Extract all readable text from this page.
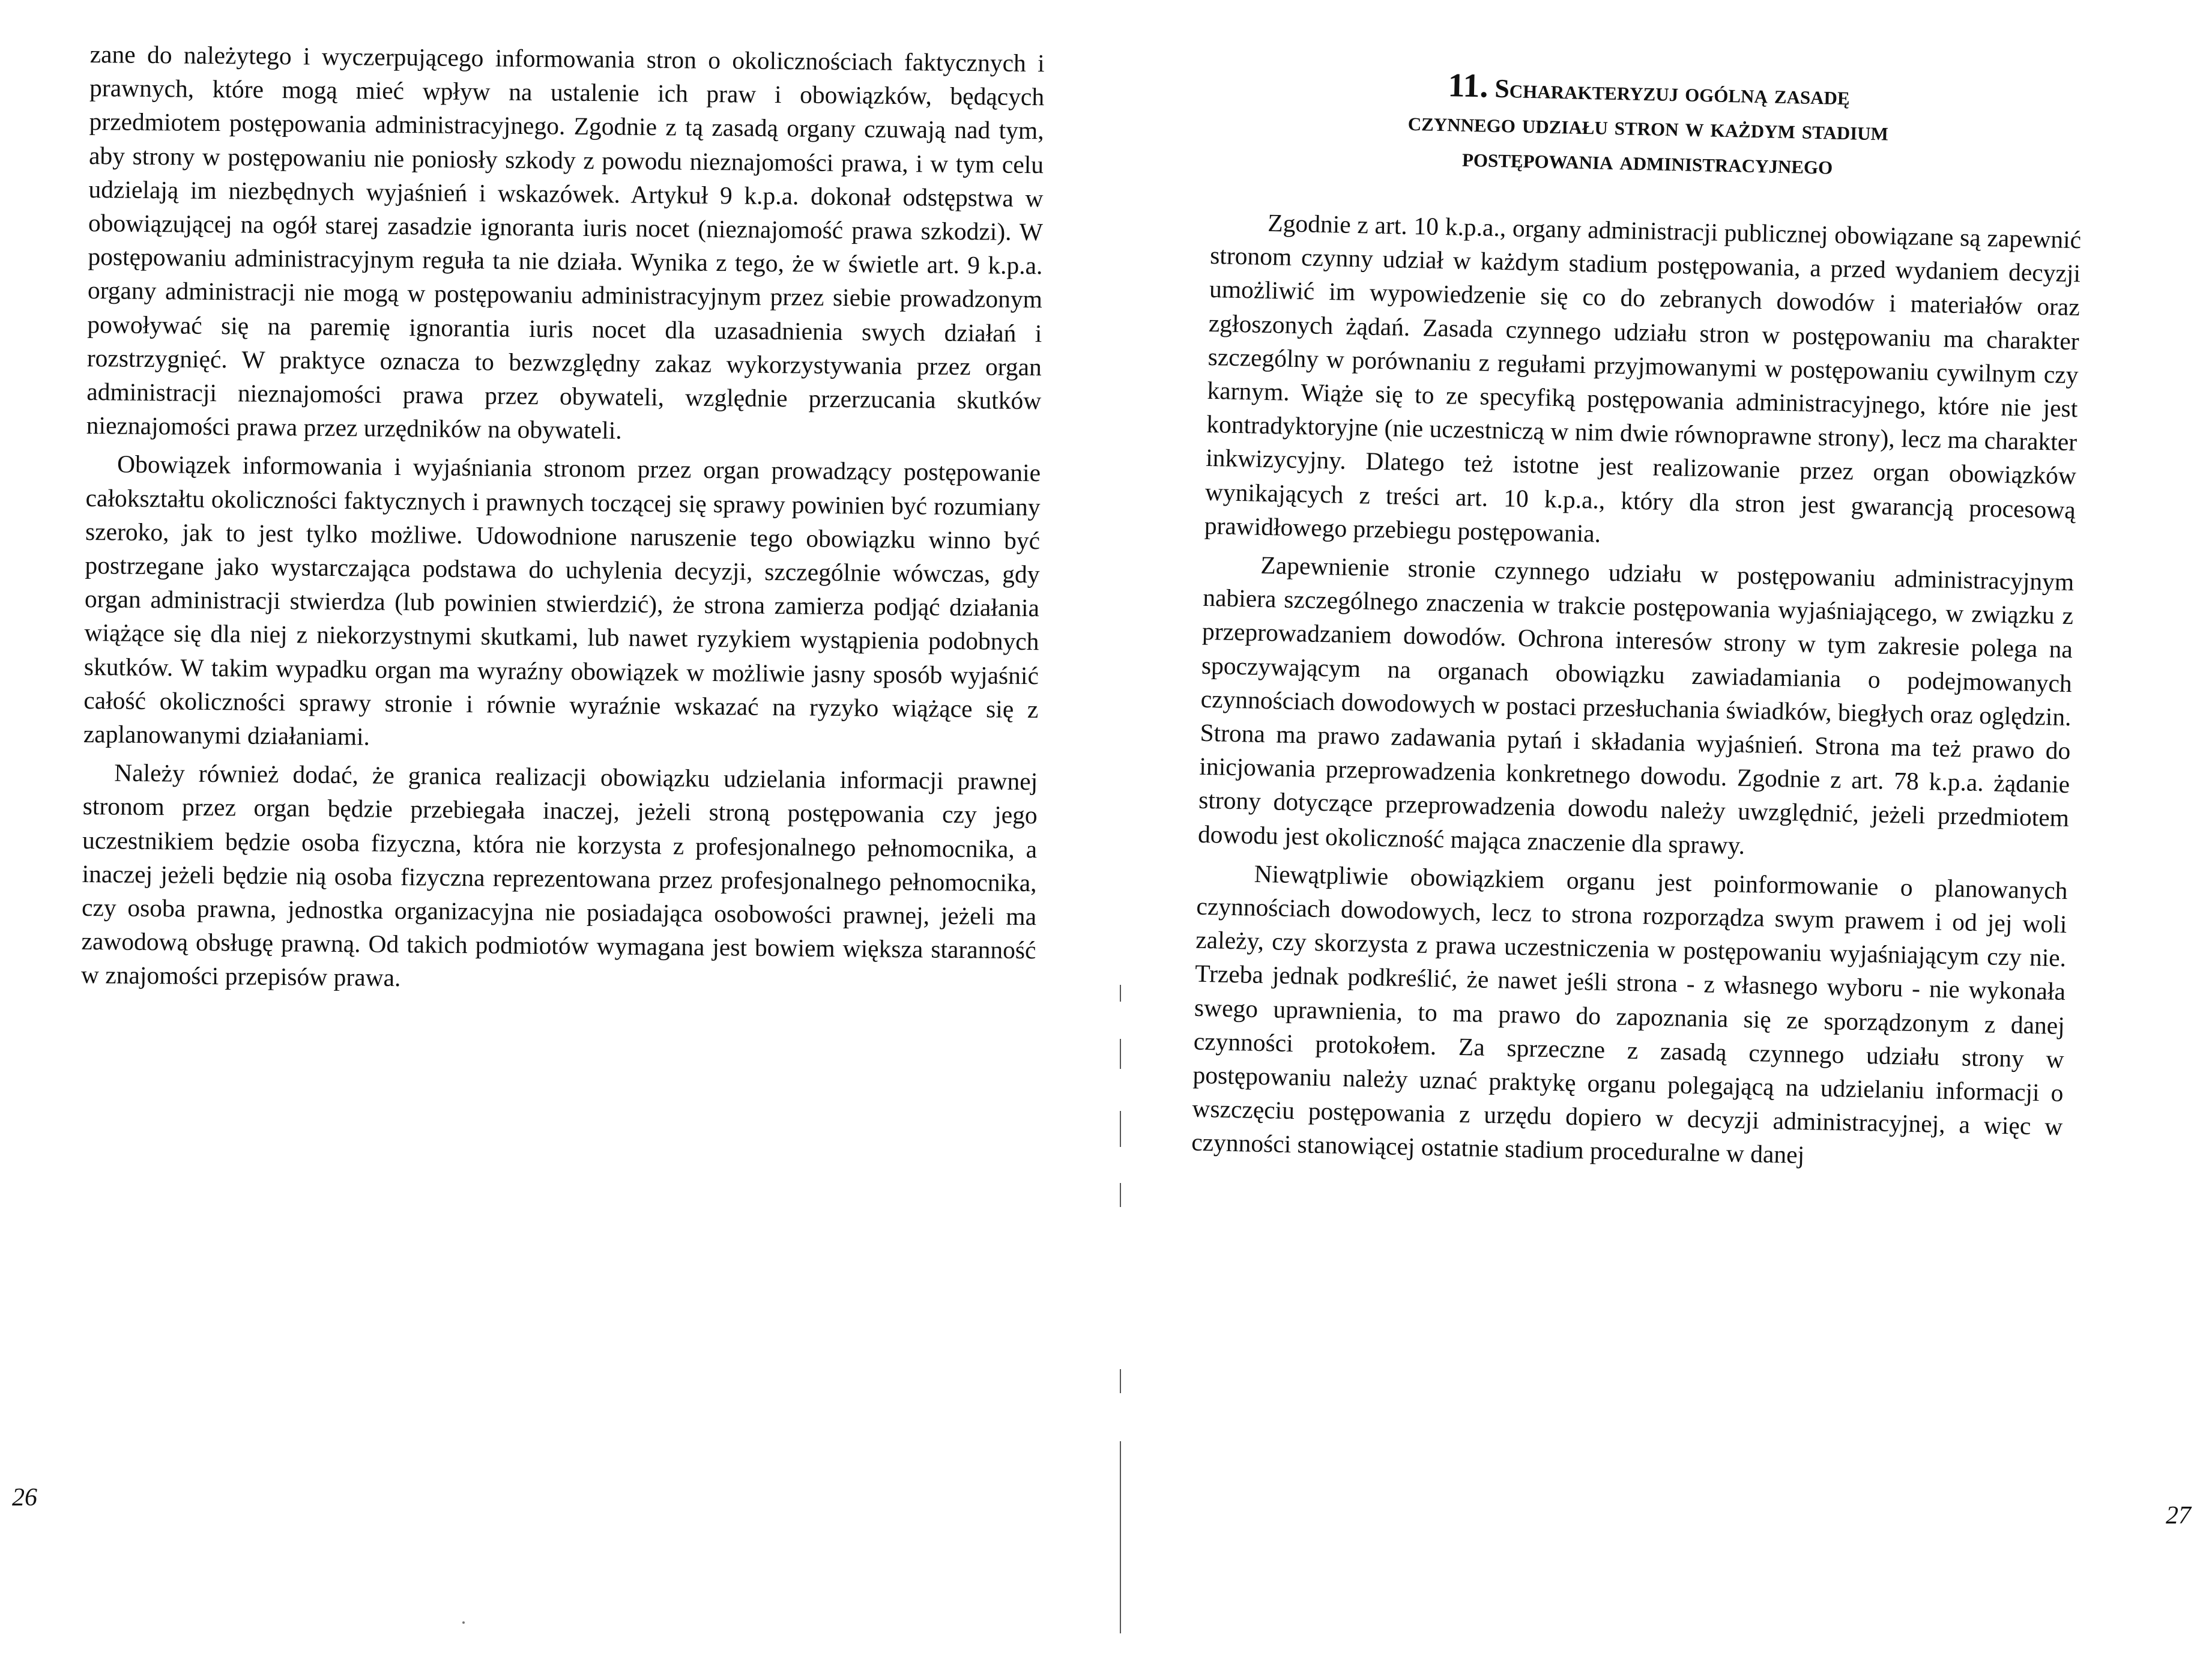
zane do należytego i wyczerpującego informowania stron o okolicznościach faktycznych i prawnych, które mogą mieć wpływ na ustalenie ich praw i obowiązków, będących przedmiotem postępowania administracyjnego. Zgodnie z tą zasadą organy czuwają nad tym, aby strony w postępowaniu nie poniosły szkody z powodu nieznajomości prawa, i w tym celu udzielają im niezbędnych wyjaśnień i wskazówek. Artykuł 9 k.p.a. dokonał odstępstwa w obowiązującej na ogół starej zasadzie ignoranta iuris nocet (nieznajomość prawa szkodzi). W postępowaniu administracyjnym reguła ta nie działa. Wynika z tego, że w świetle art. 9 k.p.a. organy administracji nie mogą w postępowaniu administracyjnym przez siebie prowadzonym powoływać się na paremię ignorantia iuris nocet dla uzasadnienia swych działań i rozstrzygnięć. W praktyce oznacza to bezwzględny zakaz wykorzystywania przez organ administracji nieznajomości prawa przez obywateli, względnie przerzucania skutków nieznajomości prawa przez urzędników na obywateli.

Obowiązek informowania i wyjaśniania stronom przez organ prowadzący postępowanie całokształtu okoliczności faktycznych i prawnych toczącej się sprawy powinien być rozumiany szeroko, jak to jest tylko możliwe. Udowodnione naruszenie tego obowiązku winno być postrzegane jako wystarczająca podstawa do uchylenia decyzji, szczególnie wówczas, gdy organ administracji stwierdza (lub powinien stwierdzić), że strona zamierza podjąć działania wiążące się dla niej z niekorzystnymi skutkami, lub nawet ryzykiem wystąpienia podobnych skutków. W takim wypadku organ ma wyraźny obowiązek w możliwie jasny sposób wyjaśnić całość okoliczności sprawy stronie i równie wyraźnie wskazać na ryzyko wiążące się z zaplanowanymi działaniami.

Należy również dodać, że granica realizacji obowiązku udzielania informacji prawnej stronom przez organ będzie przebiegała inaczej, jeżeli stroną postępowania czy jego uczestnikiem będzie osoba fizyczna, która nie korzysta z profesjonalnego pełnomocnika, a inaczej jeżeli będzie nią osoba fizyczna reprezentowana przez profesjonalnego pełnomocnika, czy osoba prawna, jednostka organizacyjna nie posiadająca osobowości prawnej, jeżeli ma zawodową obsługę prawną. Od takich podmiotów wymagana jest bowiem większa staranność w znajomości przepisów prawa.

26
11. Scharakteryzuj ogólną zasadę
czynnego udziału stron w każdym stadium
postępowania administracyjnego

Zgodnie z art. 10 k.p.a., organy administracji publicznej obowiązane są zapewnić stronom czynny udział w każdym stadium postępowania, a przed wydaniem decyzji umożliwić im wypowiedzenie się co do zebranych dowodów i materiałów oraz zgłoszonych żądań. Zasada czynnego udziału stron w postępowaniu ma charakter szczególny w porównaniu z regułami przyjmowanymi w postępowaniu cywilnym czy karnym. Wiąże się to ze specyfiką postępowania administracyjnego, które nie jest kontradyktoryjne (nie uczestniczą w nim dwie równoprawne strony), lecz ma charakter inkwizycyjny. Dlatego też istotne jest realizowanie przez organ obowiązków wynikających z treści art. 10 k.p.a., który dla stron jest gwarancją procesową prawidłowego przebiegu postępowania.

Zapewnienie stronie czynnego udziału w postępowaniu administracyjnym nabiera szczególnego znaczenia w trakcie postępowania wyjaśniającego, w związku z przeprowadzaniem dowodów. Ochrona interesów strony w tym zakresie polega na spoczywającym na organach obowiązku zawiadamiania o podejmowanych czynnościach dowodowych w postaci przesłuchania świadków, biegłych oraz oględzin. Strona ma prawo zadawania pytań i składania wyjaśnień. Strona ma też prawo do inicjowania przeprowadzenia konkretnego dowodu. Zgodnie z art. 78 k.p.a. żądanie strony dotyczące przeprowadzenia dowodu należy uwzględnić, jeżeli przedmiotem dowodu jest okoliczność mająca znaczenie dla sprawy.

Niewątpliwie obowiązkiem organu jest poinformowanie o planowanych czynnościach dowodowych, lecz to strona rozporządza swym prawem i od jej woli zależy, czy skorzysta z prawa uczestniczenia w postępowaniu wyjaśniającym czy nie. Trzeba jednak podkreślić, że nawet jeśli strona - z własnego wyboru - nie wykonała swego uprawnienia, to ma prawo do zapoznania się ze sporządzonym z danej czynności protokołem. Za sprzeczne z zasadą czynnego udziału strony w postępowaniu należy uznać praktykę organu polegającą na udzielaniu informacji o wszczęciu postępowania z urzędu dopiero w decyzji administracyjnej, a więc w czynności stanowiącej ostatnie stadium proceduralne w danej

27
